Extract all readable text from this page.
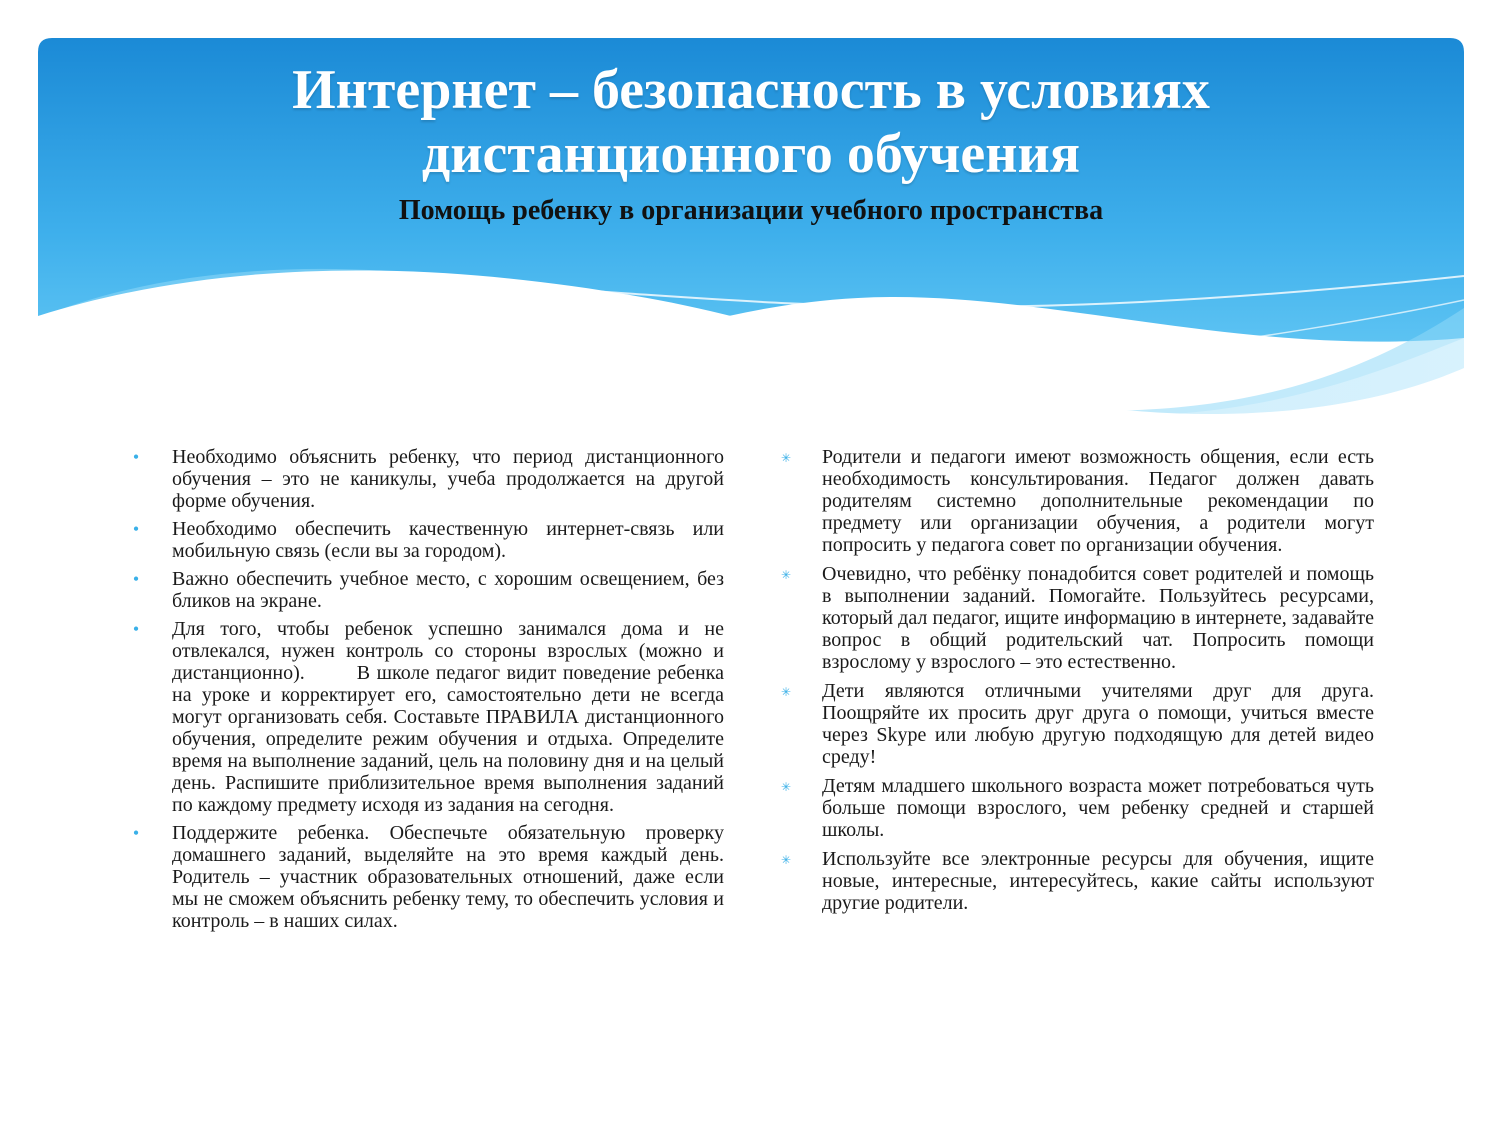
Интернет – безопасность в условиях
дистанционного обучения
Помощь ребенку в организации учебного пространства
•	Необходимо объяснить ребенку, что период дистанционного обучения – это не каникулы, учеба продолжается на другой форме обучения.
•	Необходимо обеспечить качественную интернет-связь или мобильную связь (если вы за городом).
•	Важно обеспечить учебное место, с хорошим освещением, без бликов на экране.
•	Для того, чтобы ребенок успешно занимался дома и не отвлекался, нужен контроль со стороны взрослых (можно и дистанционно).        В школе педагог видит поведение ребенка на уроке и корректирует его, самостоятельно дети не всегда могут организовать себя. Составьте ПРАВИЛА дистанционного обучения, определите режим обучения и отдыха. Определите время на выполнение заданий, цель на половину дня и на целый день. Распишите приблизительное время выполнения заданий по каждому предмету исходя из задания на сегодня.
•	Поддержите ребенка. Обеспечьте обязательную проверку домашнего заданий, выделяйте на это время каждый день. Родитель – участник образовательных отношений, даже если мы не сможем объяснить ребенку тему, то обеспечить условия и контроль – в наших силах.
✳ Родители и педагоги имеют возможность общения, если есть необходимость консультирования. Педагог должен давать родителям системно дополнительные рекомендации по предмету или организации обучения, а родители могут попросить у педагога совет по организации обучения.
✳ Очевидно, что ребёнку понадобится совет родителей и помощь в выполнении заданий. Помогайте. Пользуйтесь ресурсами, который дал педагог, ищите информацию в интернете, задавайте вопрос в общий родительский чат. Попросить помощи взрослому у взрослого – это естественно.
✳ Дети являются отличными учителями друг для друга. Поощряйте их просить друг друга о помощи, учиться вместе через Skype или любую другую подходящую для детей видео среду!
✳ Детям младшего школьного возраста может потребоваться чуть больше помощи взрослого, чем ребенку средней и старшей школы.
✳ Используйте все электронные ресурсы для обучения, ищите новые, интересные, интересуйтесь, какие сайты используют другие родители.
